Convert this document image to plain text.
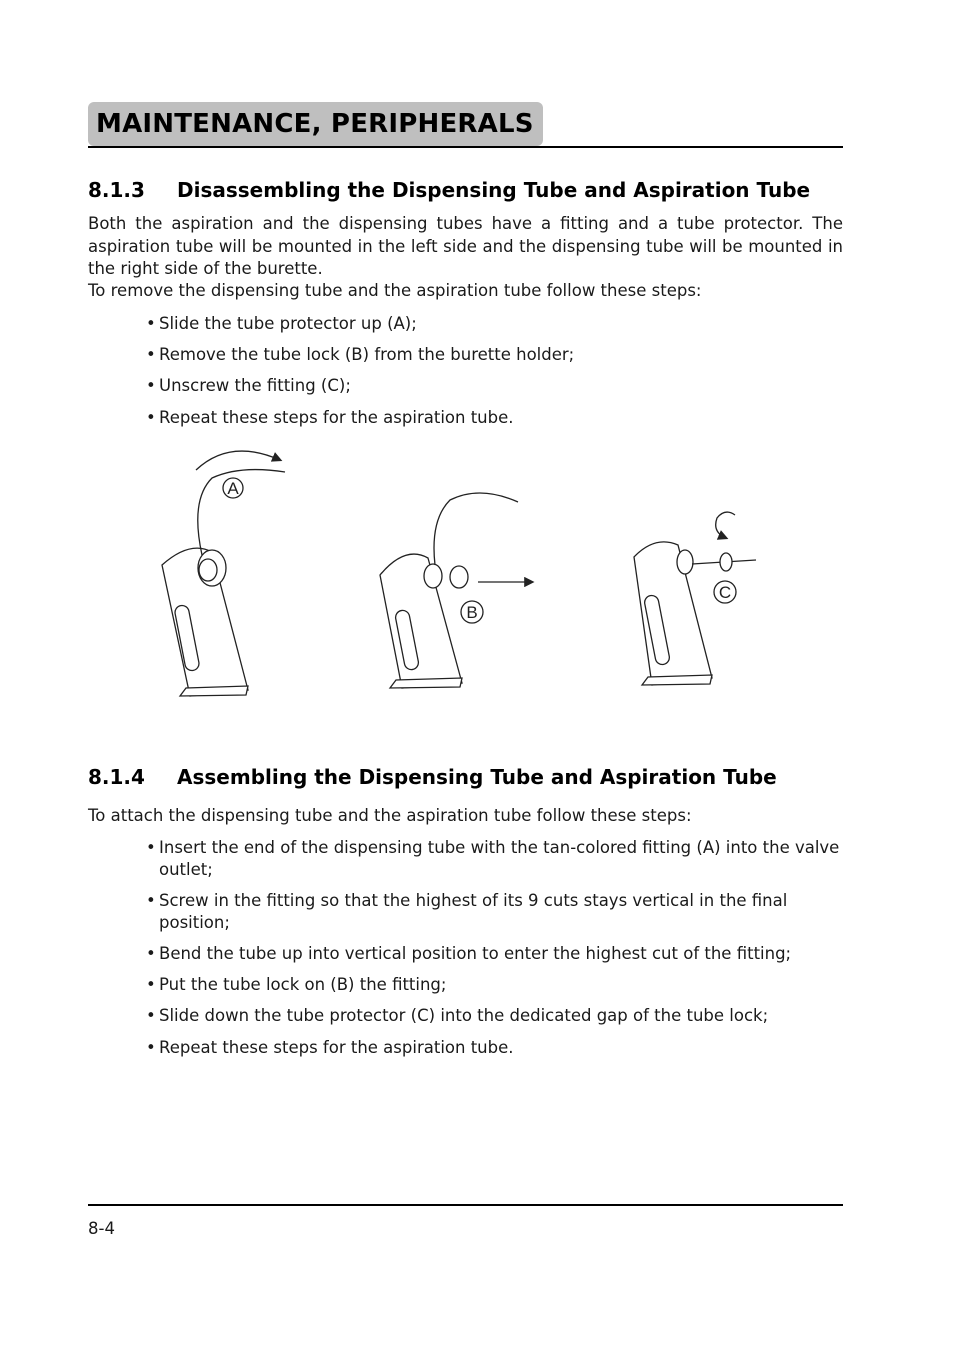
MAINTENANCE, PERIPHERALS
8.1.3	Disassembling the Dispensing Tube and Aspiration Tube

Both the aspiration and the dispensing tubes have a fitting and a tube protector. The aspiration tube will be mounted in the left side and the dispensing tube will be mounted in the right side of the burette.

To remove the dispensing tube and the aspiration tube follow these steps:
• Slide the tube protector up (A);
• Remove the tube lock (B) from the burette holder;
• Unscrew the fitting (C);
• Repeat these steps for the aspiration tube.
A
B
C
8.1.4	Assembling the Dispensing Tube and Aspiration Tube
To attach the dispensing tube and the aspiration tube follow these steps:
• Insert the end of the dispensing tube with the tan-colored fitting (A) into the valve outlet;
• Screw in the fitting so that the highest of its 9 cuts stays vertical in the final position;
• Bend the tube up into vertical position to enter the highest cut of the fitting;
• Put the tube lock on (B) the fitting;
• Slide down the tube protector (C) into the dedicated gap of the tube lock;
• Repeat these steps for the aspiration tube.
8-4
